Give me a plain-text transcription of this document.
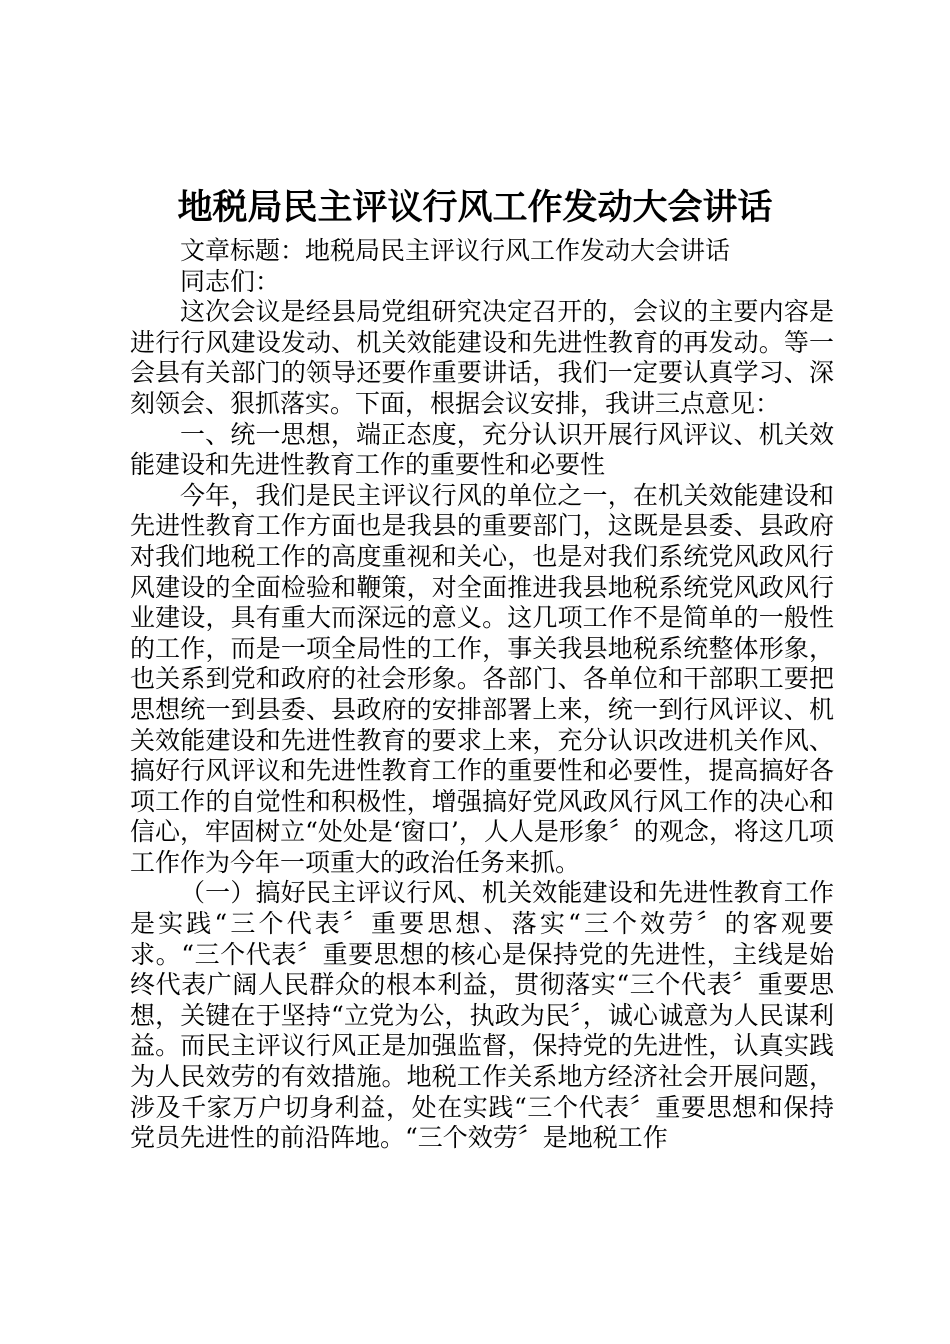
地税局民主评议行风工作发动大会讲话

文章标题：地税局民主评议行风工作发动大会讲话

同志们：

这次会议是经县局党组研究决定召开的，会议的主要内容是进行行风建设发动、机关效能建设和先进性教育的再发动。等一会县有关部门的领导还要作重要讲话，我们一定要认真学习、深刻领会、狠抓落实。下面，根据会议安排，我讲三点意见：

一、统一思想，端正态度，充分认识开展行风评议、机关效能建设和先进性教育工作的重要性和必要性

今年，我们是民主评议行风的单位之一，在机关效能建设和先进性教育工作方面也是我县的重要部门，这既是县委、县政府对我们地税工作的高度重视和关心，也是对我们系统党风政风行风建设的全面检验和鞭策，对全面推进我县地税系统党风政风行业建设，具有重大而深远的意义。这几项工作不是简单的一般性的工作，而是一项全局性的工作，事关我县地税系统整体形象，也关系到党和政府的社会形象。各部门、各单位和干部职工要把思想统一到县委、县政府的安排部署上来，统一到行风评议、机关效能建设和先进性教育的要求上来，充分认识改进机关作风、搞好行风评议和先进性教育工作的重要性和必要性，提高搞好各项工作的自觉性和积极性，增强搞好党风政风行风工作的决心和信心，牢固树立“处处是‘窗口’，人人是形象〞的观念，将这几项工作作为今年一项重大的政治任务来抓。

（一）搞好民主评议行风、机关效能建设和先进性教育工作是实践“三个代表〞重要思想、落实“三个效劳〞的客观要求。“三个代表〞重要思想的核心是保持党的先进性，主线是始终代表广阔人民群众的根本利益，贯彻落实“三个代表〞重要思想，关键在于坚持“立党为公，执政为民〞，诚心诚意为人民谋利益。而民主评议行风正是加强监督，保持党的先进性，认真实践为人民效劳的有效措施。地税工作关系地方经济社会开展问题，涉及千家万户切身利益，处在实践“三个代表〞重要思想和保持党员先进性的前沿阵地。“三个效劳〞是地税工作
